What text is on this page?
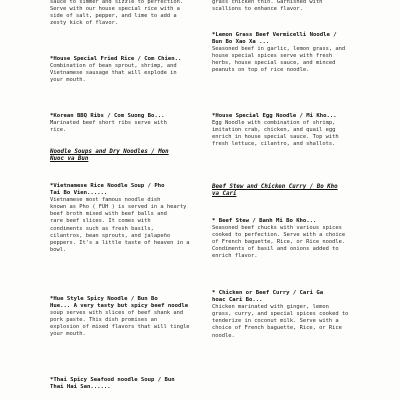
sauce to simmer and sizzle to perfection.
Serve with our house special rice with a
side of salt, pepper, and lime to add a
zesty kick of flavor.
*House Special Fried Rice / Com Chien..
Combination of bean sprout, shrimp, and
Vietnamese sausage that will explode in
your mouth.
*Korean BBQ Ribs / Com Suong Bo...
Marinated beef short ribs serve with
rice.
Noodle Soups and Dry Noodles / Mon
Nuoc va Bun
*Vietnamese Rice Noodle Soup / Pho
Tai Bo Vien......
Vietnamese most famous noodle dish
known as Pho ( FUH ) is served in a hearty
beef broth mixed with beef balls and
rare beef slices. It comes with
condiments such as fresh basils,
cilantros, bean sprouts, and jalapeño
peppers. It's a little taste of heaven in a
bowl.
*Hue Style Spicy Noodle / Bun Bo
Hue... A very tasty but spicy beef noodle
soup serves with slices of beef shank and
pork paste. This dish promises an
explosion of mixed flavors that will tingle
your mouth.
*Thai Spicy Seafood noodle Soup / Bun
Thai Hai San......
grass chicken thin. Garnished with
scallions to enhance flavor.
*Lemon Grass Beef Vermicelli Noodle /
Bun Bo Xao Xa ...
Seasoned beef in garlic, lemon grass, and
house special spices serve with fresh
herbs, house special sauce, and minced
peanuts on top of rice noodle.
*House Special Egg Noodle / Mi Kho...
Egg Noodle with combination of shrimp,
imitation crab, chicken, and quail egg
enrich in house special sauce. Top with
fresh lettuce, cilantro, and shallots.
Beef Stew and Chicken Curry / Bo Kho
va Cari
* Beef Stew / Banh Mi Bo Kho...
Seasoned beef chucks with various spices
cooked to perfection. Serve with a choice
of French baguette, Rice, or Rice noodle.
Condiments of basil and onions added to
enrich flavor.
* Chicken or Beef Curry / Cari Ga
hoac Cari Bo...
Chicken marinated with ginger, lemon
grass, curry, and special spices cooked to
tenderize in coconut milk. Serve with a
choice of French baguette, Rice, or Rice
noodle.
